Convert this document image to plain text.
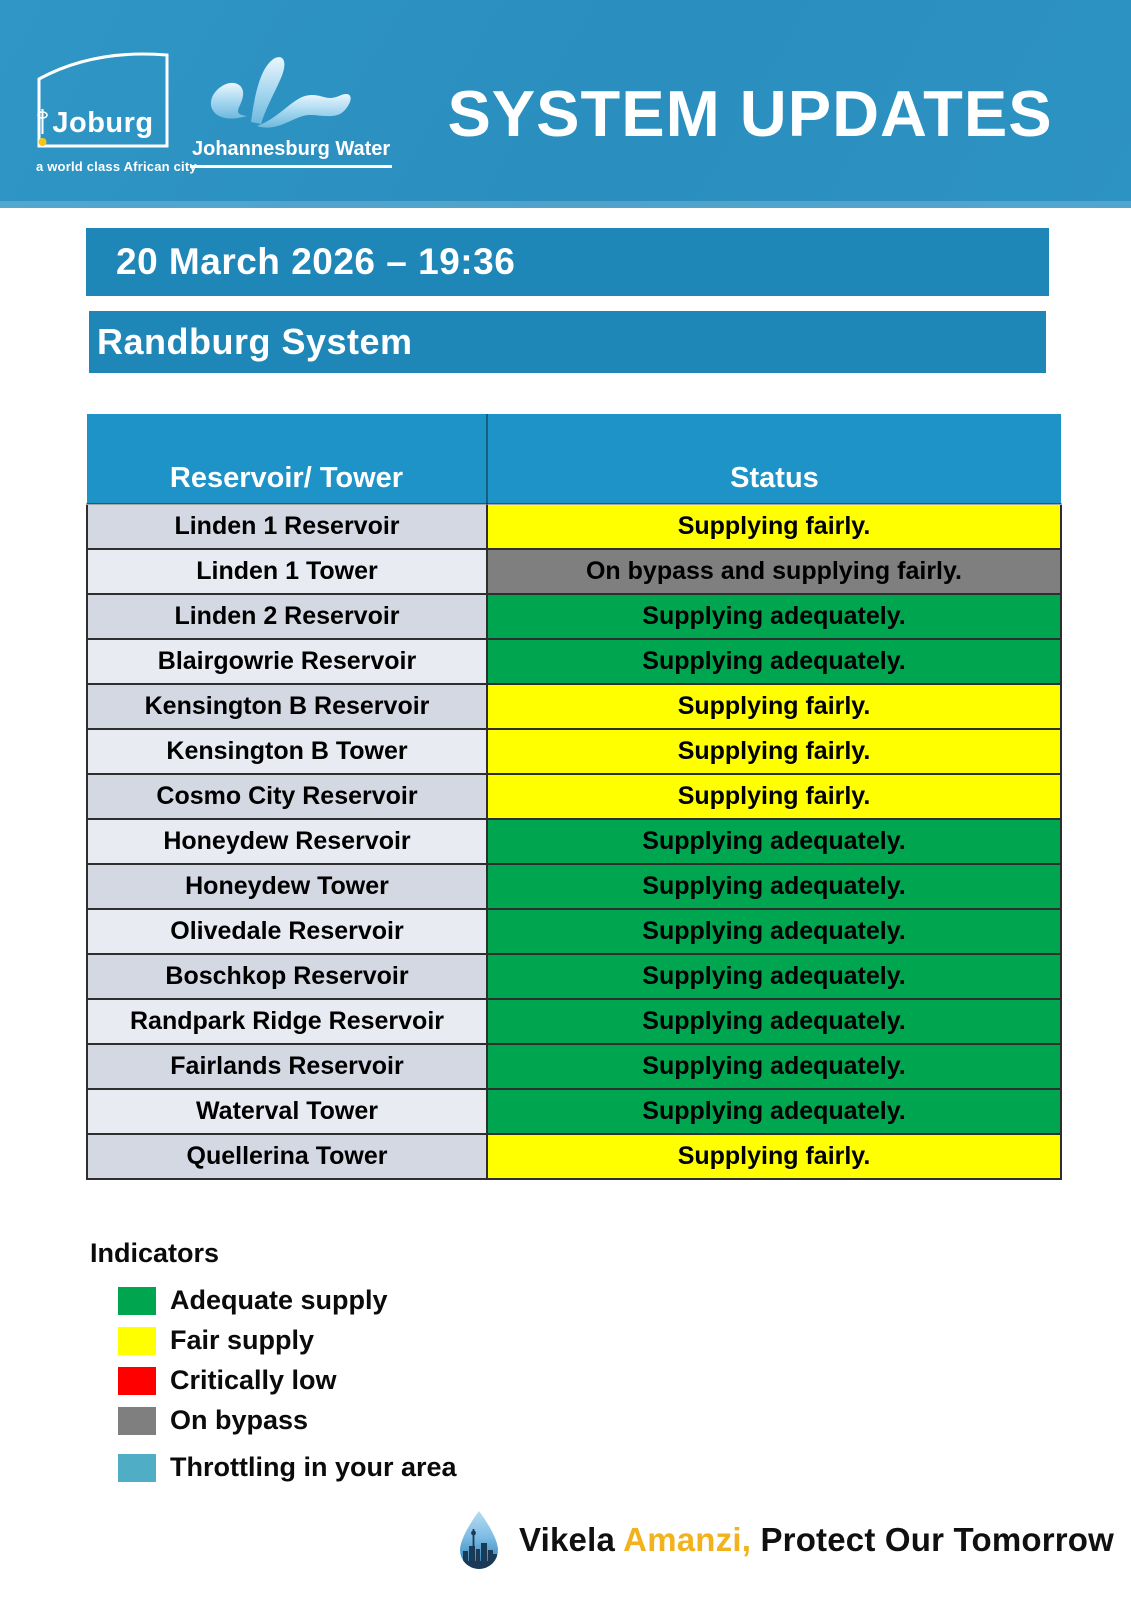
Jo
burg
a world class African city
Johannesburg Water SYSTEM UPDATES
20 March 2026 – 19:36
Randburg System
Reservoir/ Tower	Status
Linden 1 Reservoir	Supplying fairly.
Linden 1 Tower	On bypass and supplying fairly.
Linden 2 Reservoir	Supplying adequately.
Blairgowrie Reservoir	Supplying adequately.
Kensington B Reservoir	Supplying fairly.
Kensington B Tower	Supplying fairly.
Cosmo City Reservoir	Supplying fairly.
Honeydew Reservoir	Supplying adequately.
Honeydew Tower	Supplying adequately.
Olivedale Reservoir	Supplying adequately.
Boschkop Reservoir	Supplying adequately.
Randpark Ridge Reservoir	Supplying adequately.
Fairlands Reservoir	Supplying adequately.
Waterval Tower	Supplying adequately.
Quellerina Tower	Supplying fairly.
Indicators
Adequate supply
Fair supply
Critically low
On bypass
Throttling in your area
Vikela Amanzi, Protect Our Tomorrow
